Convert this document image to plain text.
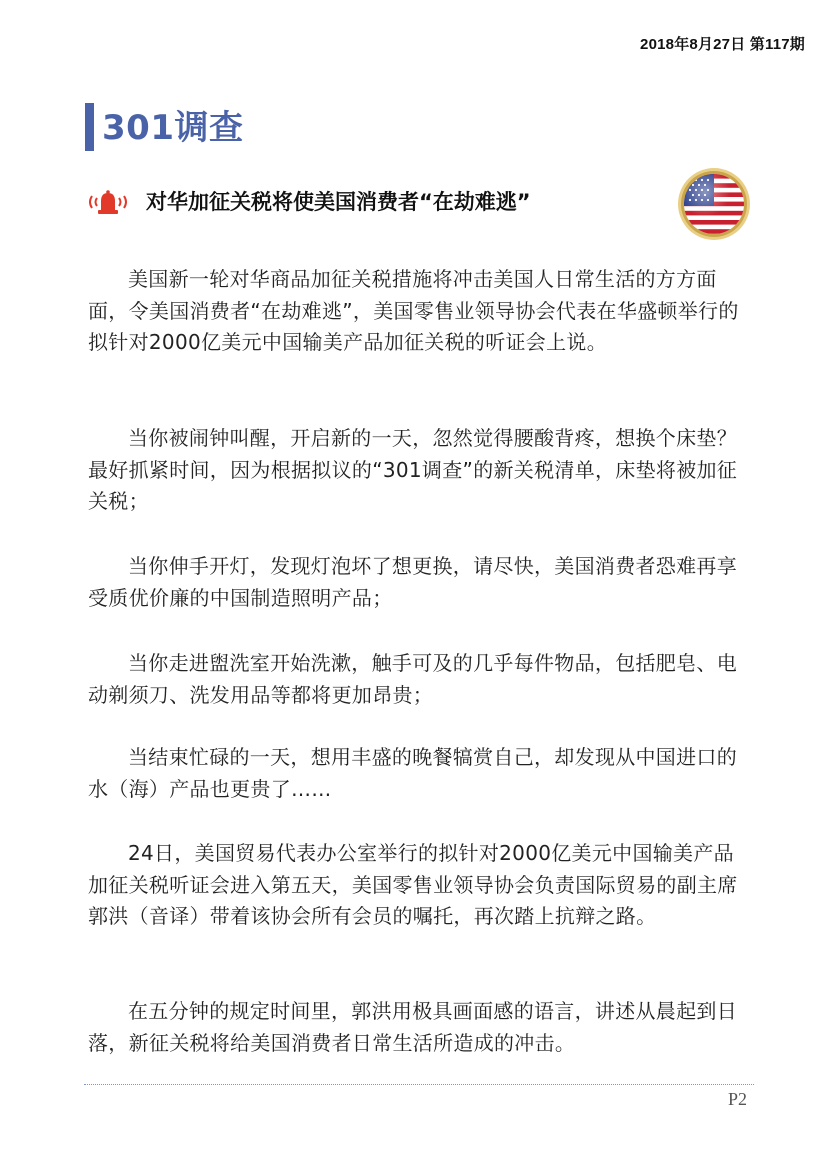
2018年8月27日 第117期
301调查
对华加征关税将使美国消费者“在劫难逃”

美国新一轮对华商品加征关税措施将冲击美国人日常生活的方方面面，令美国消费者“在劫难逃”，美国零售业领导协会代表在华盛顿举行的拟针对2000亿美元中国输美产品加征关税的听证会上说。

当你被闹钟叫醒，开启新的一天，忽然觉得腰酸背疼，想换个床垫？最好抓紧时间，因为根据拟议的“301调查”的新关税清单，床垫将被加征关税；

当你伸手开灯，发现灯泡坏了想更换，请尽快，美国消费者恐难再享受质优价廉的中国制造照明产品；

当你走进盥洗室开始洗漱，触手可及的几乎每件物品，包括肥皂、电动剃须刀、洗发用品等都将更加昂贵；

当结束忙碌的一天，想用丰盛的晚餐犒赏自己，却发现从中国进口的水（海）产品也更贵了……

24日，美国贸易代表办公室举行的拟针对2000亿美元中国输美产品加征关税听证会进入第五天，美国零售业领导协会负责国际贸易的副主席郭洪（音译）带着该协会所有会员的嘱托，再次踏上抗辩之路。

在五分钟的规定时间里，郭洪用极具画面感的语言，讲述从晨起到日落，新征关税将给美国消费者日常生活所造成的冲击。

P2
